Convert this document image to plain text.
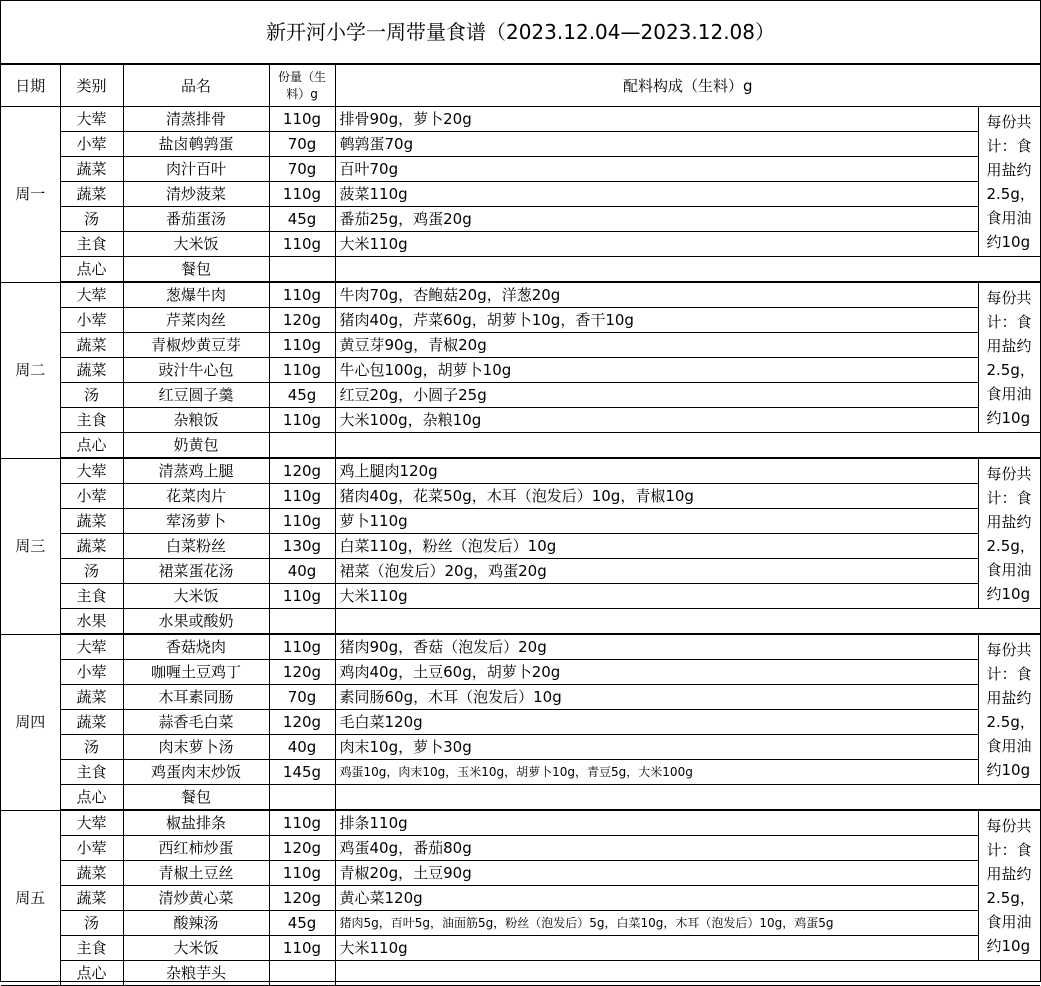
新开河小学一周带量食谱（2023.12.04—2023.12.08）
日期	类别	品名	份量（生料）g	配料构成（生料）g	
周一	大荤	清蒸排骨	110g	排骨90g，萝卜20g	每份共计：食用盐约2.5g，食用油约10g
	小荤	盐卤鹌鹑蛋	70g	鹌鹑蛋70g	
	蔬菜	肉汁百叶	70g	百叶70g	
	蔬菜	清炒菠菜	110g	菠菜110g	
	汤	番茄蛋汤	45g	番茄25g，鸡蛋20g	
	主食	大米饭	110g	大米110g	
	点心	餐包			
周二	大荤	葱爆牛肉	110g	牛肉70g，杏鲍菇20g，洋葱20g	每份共计：食用盐约2.5g，食用油约10g
	小荤	芹菜肉丝	120g	猪肉40g，芹菜60g，胡萝卜10g，香干10g	
	蔬菜	青椒炒黄豆芽	110g	黄豆芽90g，青椒20g	
	蔬菜	豉汁牛心包	110g	牛心包100g，胡萝卜10g	
	汤	红豆圆子羹	45g	红豆20g，小圆子25g	
	主食	杂粮饭	110g	大米100g，杂粮10g	
	点心	奶黄包			
周三	大荤	清蒸鸡上腿	120g	鸡上腿肉120g	每份共计：食用盐约2.5g，食用油约10g
	小荤	花菜肉片	110g	猪肉40g，花菜50g，木耳（泡发后）10g，青椒10g	
	蔬菜	荤汤萝卜	110g	萝卜110g	
	蔬菜	白菜粉丝	130g	白菜110g，粉丝（泡发后）10g	
	汤	裙菜蛋花汤	40g	裙菜（泡发后）20g，鸡蛋20g	
	主食	大米饭	110g	大米110g	
	水果	水果或酸奶			
周四	大荤	香菇烧肉	110g	猪肉90g，香菇（泡发后）20g	每份共计：食用盐约2.5g，食用油约10g
	小荤	咖喱土豆鸡丁	120g	鸡肉40g，土豆60g，胡萝卜20g	
	蔬菜	木耳素同肠	70g	素同肠60g，木耳（泡发后）10g	
	蔬菜	蒜香毛白菜	120g	毛白菜120g	
	汤	肉末萝卜汤	40g	肉末10g，萝卜30g	
	主食	鸡蛋肉末炒饭	145g	鸡蛋10g，肉末10g，玉米10g，胡萝卜10g，青豆5g，大米100g	
	点心	餐包			
周五	大荤	椒盐排条	110g	排条110g	每份共计：食用盐约2.5g，食用油约10g
	小荤	西红柿炒蛋	120g	鸡蛋40g，番茄80g	
	蔬菜	青椒土豆丝	110g	青椒20g，土豆90g	
	蔬菜	清炒黄心菜	120g	黄心菜120g	
	汤	酸辣汤	45g	猪肉5g，百叶5g，油面筋5g，粉丝（泡发后）5g，白菜10g，木耳（泡发后）10g，鸡蛋5g	
	主食	大米饭	110g	大米110g	
	点心	杂粮芋头			
